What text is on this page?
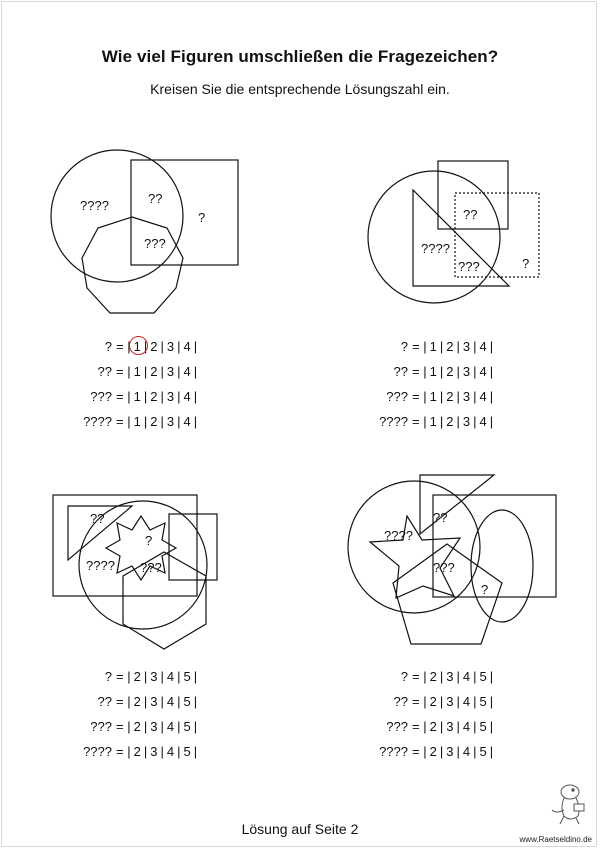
Wie viel Figuren umschließen die Fragezeichen?
Kreisen Sie die entsprechende Lösungszahl ein.
????	??
?
???
??
????
???	?
??
?
???? ???
??
????
???
?
? = | 1 | 2 | 3 | 4 |
?? = | 1 | 2 | 3 | 4 |
??? = | 1 | 2 | 3 | 4 |
???? = | 1 | 2 | 3 | 4 |
? = | 1 | 2 | 3 | 4 |
?? = | 1 | 2 | 3 | 4 |
??? = | 1 | 2 | 3 | 4 |
???? = | 1 | 2 | 3 | 4 |
? = | 2 | 3 | 4 | 5 |
?? = | 2 | 3 | 4 | 5 |
??? = | 2 | 3 | 4 | 5 |
???? = | 2 | 3 | 4 | 5 |
? = | 2 | 3 | 4 | 5 |
?? = | 2 | 3 | 4 | 5 |
??? = | 2 | 3 | 4 | 5 |
???? = | 2 | 3 | 4 | 5 |
Lösung auf Seite 2
www.Raetseldino.de
